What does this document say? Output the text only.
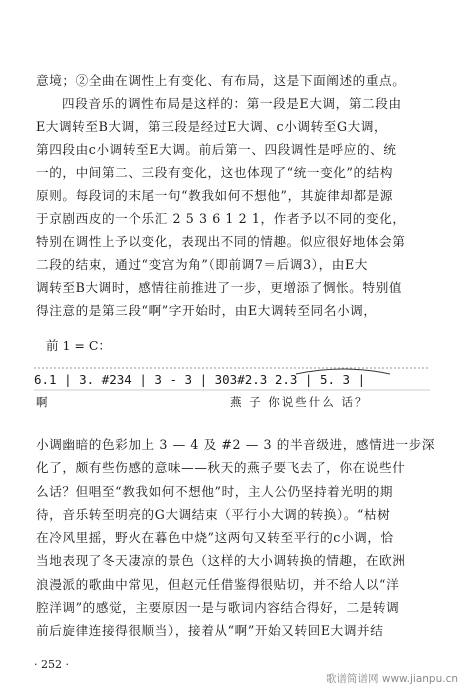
意境；②全曲在调性上有变化、有布局，这是下面阐述的重点。
四段音乐的调性布局是这样的：第一段是E大调，第二段由
E大调转至B大调，第三段是经过E大调、c小调转至G大调，
第四段由c小调转至E大调。前后第一、四段调性是呼应的、统
一的，中间第二、三段有变化，这也体现了“统一变化”的结构
原则。每段词的末尾一句“教我如何不想他”，其旋律却都是源
于京剧西皮的一个乐汇 2 5 3 6 1 2 1，作者予以不同的变化，
特别在调性上予以变化，表现出不同的情趣。似应很好地体会第
二段的结束，通过“变宫为角”（即前调7＝后调3），由E大
调转至B大调时，感情往前推进了一步，更增添了惆怅。特别值
得注意的是第三段“啊”字开始时，由E大调转至同名小调，
前 1 = C：
6.1 | 3. #234 | 3 - 3 | 303#2.3 2.3 | 5. 3 |
啊	燕 子 你说些什么 话？
小调幽暗的色彩加上 3 — 4 及 #2 — 3 的半音级进，感情进一步深
化了，颇有些伤感的意味——秋天的燕子要飞去了，你在说些什
么话？但唱至“教我如何不想他”时，主人公仍坚持着光明的期
待，音乐转至明亮的G大调结束（平行小大调的转换）。“枯树
在冷风里摇，野火在暮色中烧”这两句又转至平行的c小调，恰
当地表现了冬天凄凉的景色（这样的大小调转换的情趣，在欧洲
浪漫派的歌曲中常见，但赵元任借鉴得很贴切，并不给人以“洋
腔洋调”的感觉，主要原因一是与歌词内容结合得好，二是转调
前后旋律连接得很顺当），接着从“啊”开始又转回E大调并结
· 252 ·
歌谱简谱网 www.jianpu.cn
